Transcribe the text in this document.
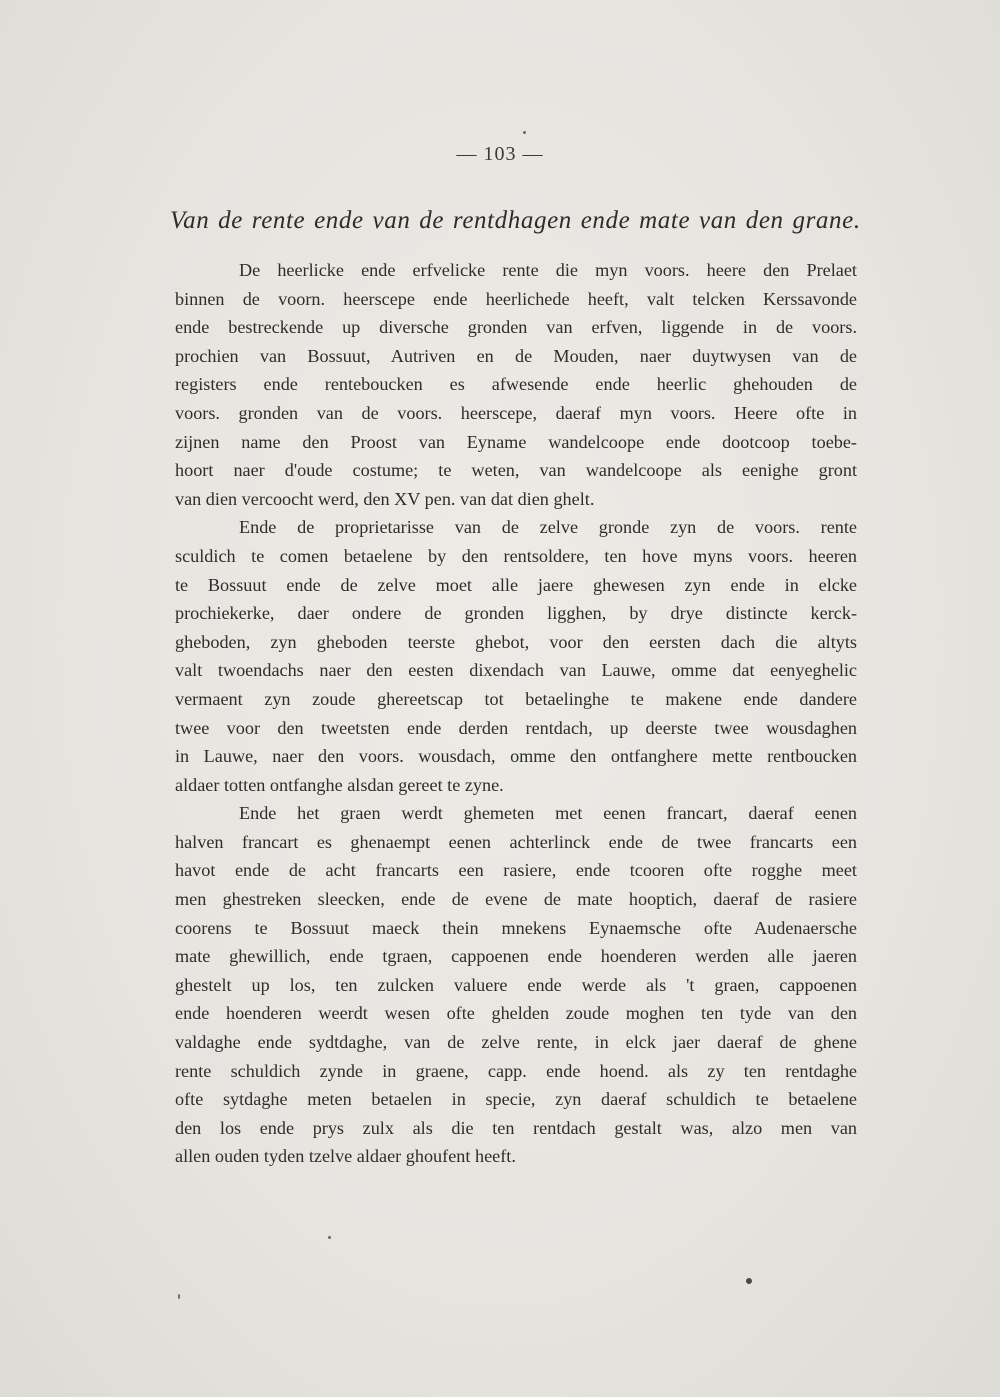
— 103 —
Van de rente ende van de rentdhagen ende mate van den grane.
De heerlicke ende erfvelicke rente die myn voors. heere den Prelaet
binnen de voorn. heerscepe ende heerlichede heeft, valt telcken Kerssavonde
ende bestreckende up diversche gronden van erfven, liggende in de voors.
prochien van Bossuut, Autriven en de Mouden, naer duytwysen van de
registers ende renteboucken es afwesende ende heerlic ghehouden de
voors. gronden van de voors. heerscepe, daeraf myn voors. Heere ofte in
zijnen name den Proost van Eyname wandelcoope ende dootcoop toebe-
hoort naer d'oude costume; te weten, van wandelcoope als eenighe gront
van dien vercoocht werd, den XV pen. van dat dien ghelt.
Ende de proprietarisse van de zelve gronde zyn de voors. rente
sculdich te comen betaelene by den rentsoldere, ten hove myns voors. heeren
te Bossuut ende de zelve moet alle jaere ghewesen zyn ende in elcke
prochiekerke, daer ondere de gronden ligghen, by drye distincte kerck-
gheboden, zyn gheboden teerste ghebot, voor den eersten dach die altyts
valt twoendachs naer den eesten dixendach van Lauwe, omme dat eenyeghelic
vermaent zyn zoude ghereetscap tot betaelinghe te makene ende dandere
twee voor den tweetsten ende derden rentdach, up deerste twee wousdaghen
in Lauwe, naer den voors. wousdach, omme den ontfanghere mette rentboucken
aldaer totten ontfanghe alsdan gereet te zyne.
Ende het graen werdt ghemeten met eenen francart, daeraf eenen
halven francart es ghenaempt eenen achterlinck ende de twee francarts een
havot ende de acht francarts een rasiere, ende tcooren ofte rogghe meet
men ghestreken sleecken, ende de evene de mate hooptich, daeraf de rasiere
coorens te Bossuut maeck thein mnekens Eynaemsche ofte Audenaersche
mate ghewillich, ende tgraen, cappoenen ende hoenderen werden alle jaeren
ghestelt up los, ten zulcken valuere ende werde als 't graen, cappoenen
ende hoenderen weerdt wesen ofte ghelden zoude moghen ten tyde van den
valdaghe ende sydtdaghe, van de zelve rente, in elck jaer daeraf de ghene
rente schuldich zynde in graene, capp. ende hoend. als zy ten rentdaghe
ofte sytdaghe meten betaelen in specie, zyn daeraf schuldich te betaelene
den los ende prys zulx als die ten rentdach gestalt was, alzo men van
allen ouden tyden tzelve aldaer ghoufent heeft.
